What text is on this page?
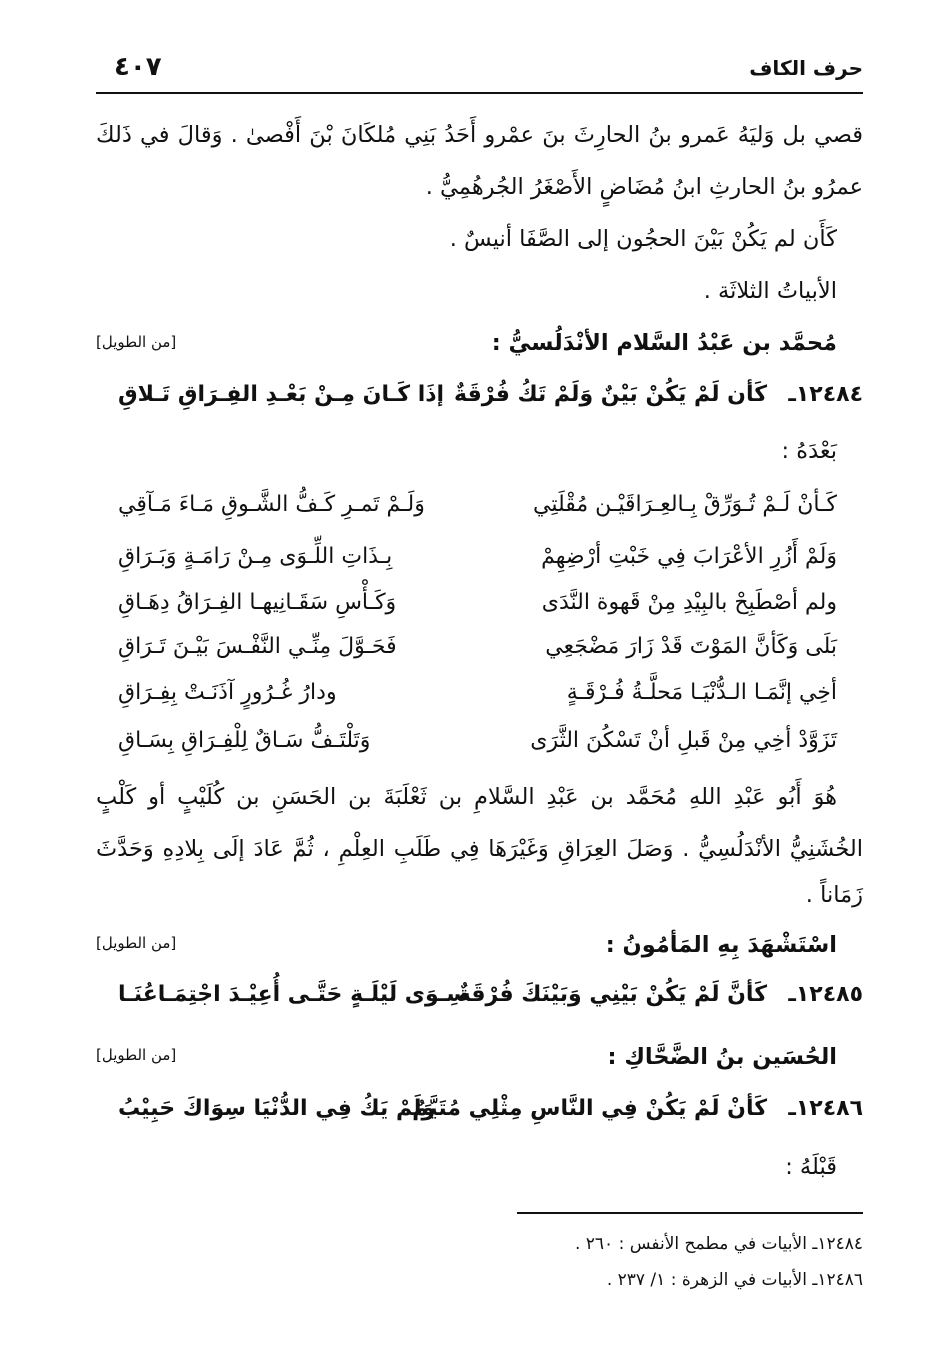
حرف الكاف
٤٠٧
قصي بل وَليَهُ عَمرو بنُ الحارِثَ بنَ عمْرو أَحَدُ بَنِي مُلكَانَ بْنَ أَفْصىٰ . وَقالَ في ذَلكَ
عمرُو بنُ الحارثِ ابنُ مُضَاضٍ الأَصْغَرُ الجُرهُمِيُّ .
كَأَن لم يَكُنْ بَيْنَ الحجُون إلى الصَّفَا أنيسٌ .
الأبياتُ الثلاثَة .
مُحمَّد بن عَبْدُ السَّلام الأنْدَلُسيُّ :
[من الطويل]
١٢٤٨٤ـ
كَأن لَمْ يَكُنْ بَيْنٌ وَلَمْ تَكُ فُرْقَةٌ
إذَا كَـانَ مِـنْ بَعْـدِ الفِـرَاقِ تَـلاقِ
بَعْدَهُ :
كَـأنْ لَـمْ تُـوَرِّقْ بِـالعِـرَاقَيْـن مُقْلَتِي
وَلَـمْ تَمـرِ كَـفُّ الشَّـوقِ مَـاءَ مَـآقِي
وَلَمْ أَزُرِ الأعْرَابَ فِي خَبْتِ أرْضِهِمْ
بِـذَاتِ اللِّـوَى مِـنْ رَامَـةٍ وَبَـرَاقِ
ولم أصْطَبِحْ بالبِيْدِ مِنْ قَهوة النَّدَى
وَكَـأْسِ سَقَـانِيهـا الفِـرَاقُ دِهَـاقِ
بَلَى وَكَأنَّ المَوْتَ قَدْ زَارَ مَضْجَعِي
فَحَـوَّلَ مِنِّـي النَّفْـسَ بَيْـنَ تَـرَاقِ
أخِي إنَّمَـا الـدُّنْيَـا مَحلَّـةُ فُـرْقَـةٍ
ودارُ غُـرُورٍ آذَنَـتْ بِفِـرَاقِ
تَزَوَّدْ أخِي مِنْ قَبلِ أنْ تَسْكُنَ الثَّرَى
وَتَلْتَـفُّ سَـاقٌ لِلْفِـرَاقِ بِسَـاقِ
هُوَ أَبُو عَبْدِ اللهِ مُحَمَّد بن عَبْدِ السَّلامِ بن ثَعْلَبَةَ بن الحَسَنِ بن كُلَيْبٍ أو كَلْبٍ
الخُشَنِيُّ الأنْدَلُسِيُّ . وَصَلَ العِرَاقِ وَغَيْرَهَا فِي طَلَبِ العِلْمِ ، ثُمَّ عَادَ إلَى بِلادِهِ وَحَدَّثَ
زَمَاناً .
اسْتَشْهَدَ بِهِ المَأمُونُ :
[من الطويل]
١٢٤٨٥ـ
كَأنَّ لَمْ يَكُنْ بَيْنِي وَبَيْنَكَ فُرْقَةٌ
سِـوَى لَيْلَـةٍ حَتَّـى أُعِيْـدَ اجْتِمَـاعُنَـا
الحُسَين بنُ الضَّحَّاكِ :
[من الطويل]
١٢٤٨٦ـ
كَأنْ لَمْ يَكُنْ فِي النَّاسِ مِثْلِي مُتَيَّمٌ
وَلَمْ يَكُ فِي الدُّنْيَا سِوَاكَ حَبِيْبُ
قَبْلَهُ :
١٢٤٨٤ـ الأبيات في مطمح الأنفس : ٢٦٠ .
١٢٤٨٦ـ الأبيات في الزهرة : ١/ ٢٣٧ .
